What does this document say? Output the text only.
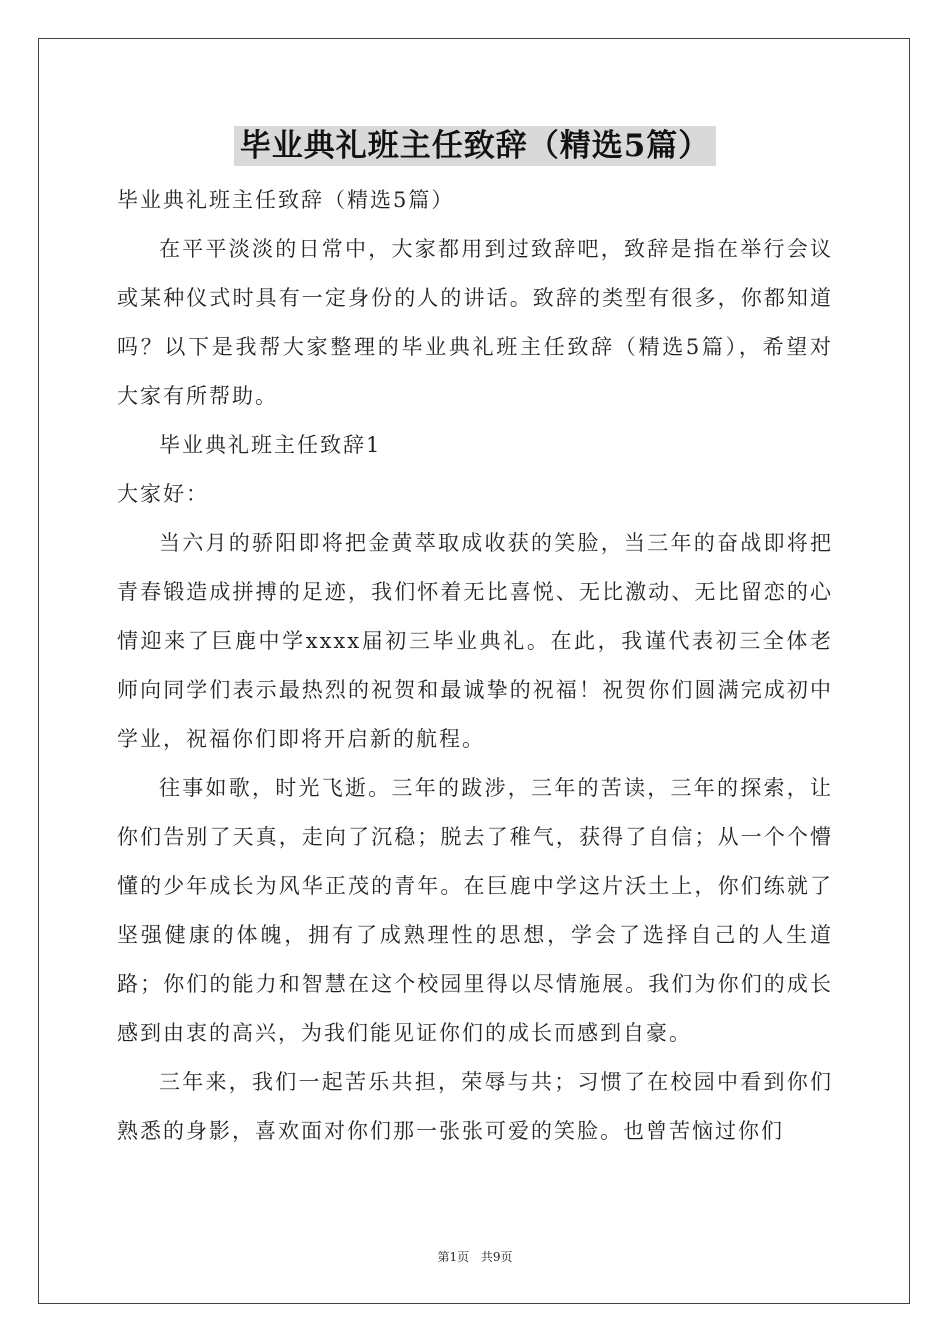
毕业典礼班主任致辞（精选5篇）

毕业典礼班主任致辞（精选5篇）

在平平淡淡的日常中，大家都用到过致辞吧，致辞是指在举行会议或某种仪式时具有一定身份的人的讲话。致辞的类型有很多，你都知道吗？以下是我帮大家整理的毕业典礼班主任致辞（精选5篇），希望对大家有所帮助。

毕业典礼班主任致辞1

大家好：

当六月的骄阳即将把金黄萃取成收获的笑脸，当三年的奋战即将把青春锻造成拼搏的足迹，我们怀着无比喜悦、无比激动、无比留恋的心情迎来了巨鹿中学xxxx届初三毕业典礼。在此，我谨代表初三全体老师向同学们表示最热烈的祝贺和最诚挚的祝福！祝贺你们圆满完成初中学业，祝福你们即将开启新的航程。

往事如歌，时光飞逝。三年的跋涉，三年的苦读，三年的探索，让你们告别了天真，走向了沉稳；脱去了稚气，获得了自信；从一个个懵懂的少年成长为风华正茂的青年。在巨鹿中学这片沃土上，你们练就了坚强健康的体魄，拥有了成熟理性的思想，学会了选择自己的人生道路；你们的能力和智慧在这个校园里得以尽情施展。我们为你们的成长感到由衷的高兴，为我们能见证你们的成长而感到自豪。

三年来，我们一起苦乐共担，荣辱与共；习惯了在校园中看到你们熟悉的身影，喜欢面对你们那一张张可爱的笑脸。也曾苦恼过你们

第1页 共9页
